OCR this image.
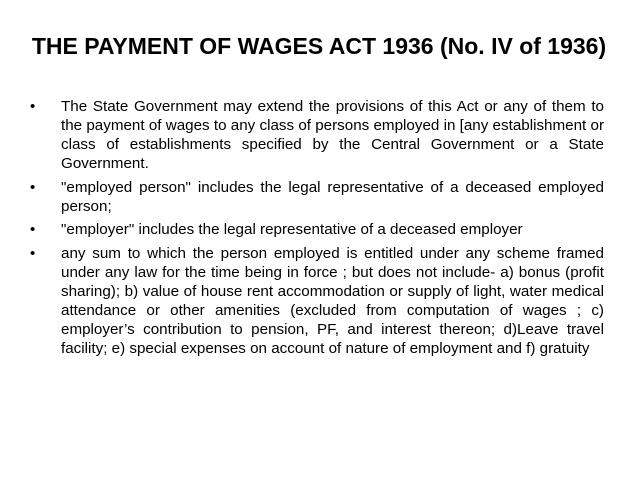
THE PAYMENT OF WAGES ACT 1936 (No. IV of 1936)
• The State Government may extend the provisions of this Act or any of them to the payment of wages to any class of persons employed in [any establishment or class of establishments specified by the Central Government or a State Government.
• "employed person" includes the legal representative of a deceased employed person;
• "employer" includes the legal representative of a deceased employer
• any sum to which the person employed is entitled under any scheme framed under any law for the time being in force ; but does not include- a) bonus (profit sharing); b) value of house rent accommodation or supply of light, water medical attendance or other amenities (excluded from computation of wages ; c) employer’s contribution to pension, PF, and interest thereon; d)Leave travel facility; e) special expenses on account of nature of employment and f) gratuity
